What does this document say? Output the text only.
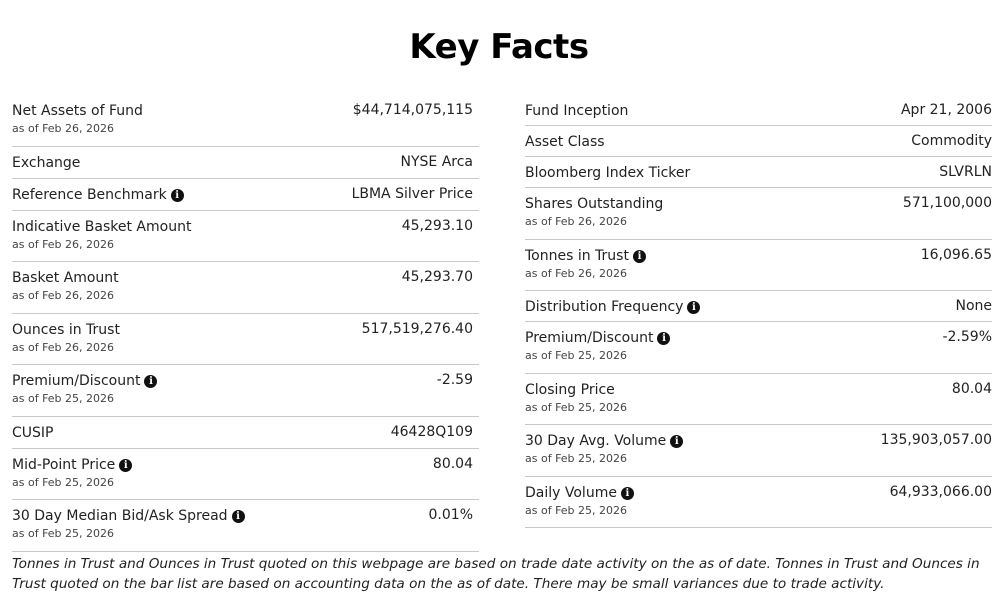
Key Facts
Net Assets of Fund	$44,714,075,115
as of Feb 26, 2026
Exchange	NYSE Arca
Reference Benchmark i	LBMA Silver Price
Indicative Basket Amount	45,293.10
as of Feb 26, 2026
Basket Amount	45,293.70
as of Feb 26, 2026
Ounces in Trust	517,519,276.40
as of Feb 26, 2026
Premium/Discount i	-2.59
as of Feb 25, 2026
CUSIP	46428Q109
Mid-Point Price i	80.04
as of Feb 25, 2026
30 Day Median Bid/Ask Spread i	0.01%
as of Feb 25, 2026
Fund Inception	Apr 21, 2006
Asset Class	Commodity
Bloomberg Index Ticker	SLVRLN
Shares Outstanding	571,100,000
as of Feb 26, 2026
Tonnes in Trust i	16,096.65
as of Feb 26, 2026
Distribution Frequency i	None
Premium/Discount i	-2.59%
as of Feb 25, 2026
Closing Price	80.04
as of Feb 25, 2026
30 Day Avg. Volume i	135,903,057.00
as of Feb 25, 2026
Daily Volume i	64,933,066.00
as of Feb 25, 2026
Tonnes in Trust and Ounces in Trust quoted on this webpage are based on trade date activity on the as of date. Tonnes in Trust and Ounces in Trust quoted on the bar list are based on accounting data on the as of date. There may be small variances due to trade activity.
